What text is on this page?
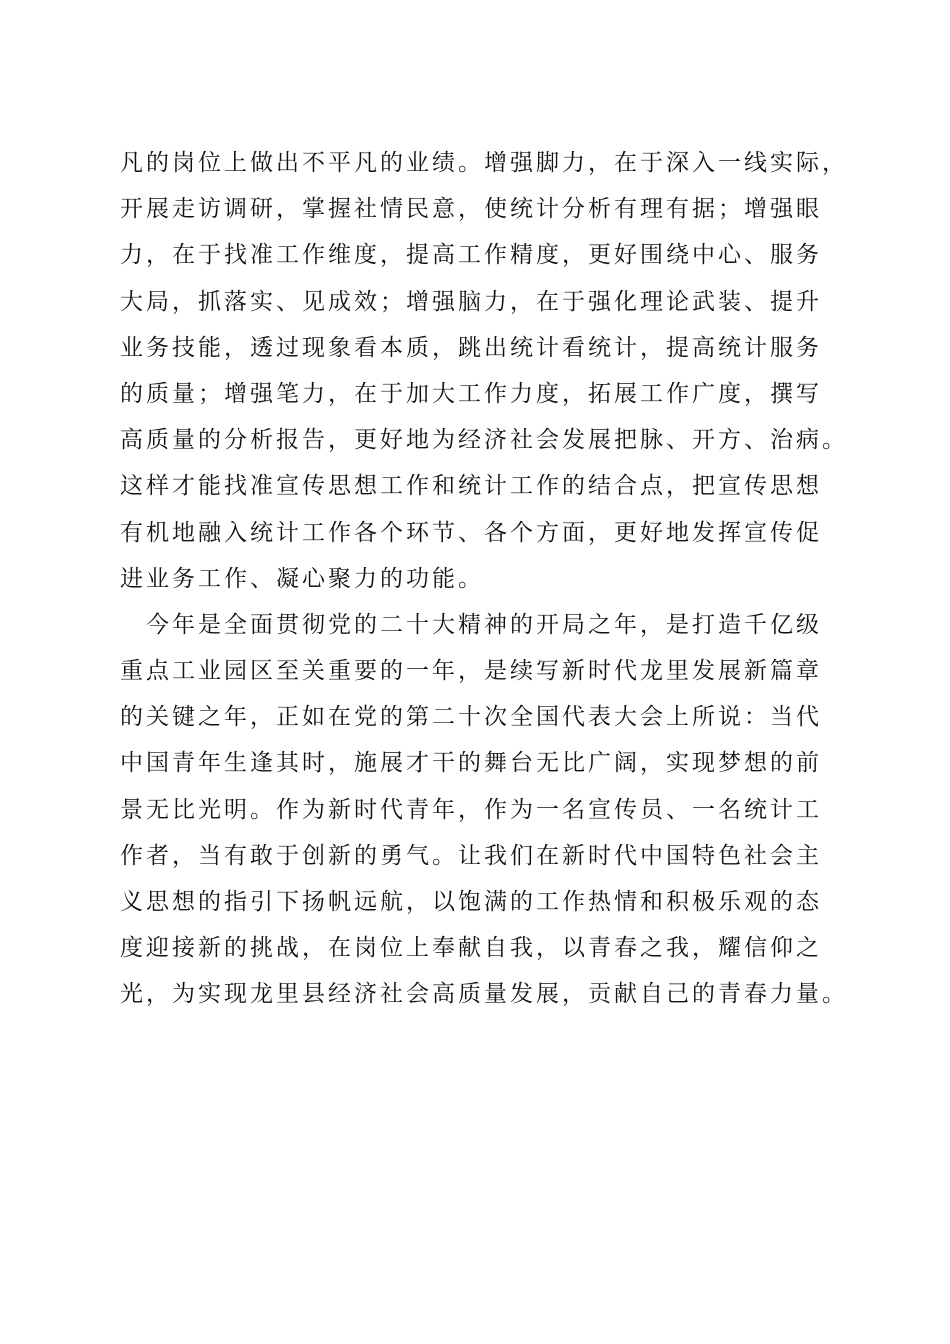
凡的岗位上做出不平凡的业绩。增强脚力，在于深入一线实际，
开展走访调研，掌握社情民意，使统计分析有理有据；增强眼
力，在于找准工作维度，提高工作精度，更好围绕中心、服务
大局，抓落实、见成效；增强脑力，在于强化理论武装、提升
业务技能，透过现象看本质，跳出统计看统计，提高统计服务
的质量；增强笔力，在于加大工作力度，拓展工作广度，撰写
高质量的分析报告，更好地为经济社会发展把脉、开方、治病。
这样才能找准宣传思想工作和统计工作的结合点，把宣传思想
有机地融入统计工作各个环节、各个方面，更好地发挥宣传促
进业务工作、凝心聚力的功能。
　今年是全面贯彻党的二十大精神的开局之年，是打造千亿级
重点工业园区至关重要的一年，是续写新时代龙里发展新篇章
的关键之年，正如在党的第二十次全国代表大会上所说：当代
中国青年生逢其时，施展才干的舞台无比广阔，实现梦想的前
景无比光明。作为新时代青年，作为一名宣传员、一名统计工
作者，当有敢于创新的勇气。让我们在新时代中国特色社会主
义思想的指引下扬帆远航，以饱满的工作热情和积极乐观的态
度迎接新的挑战，在岗位上奉献自我，以青春之我，耀信仰之
光，为实现龙里县经济社会高质量发展，贡献自己的青春力量。
